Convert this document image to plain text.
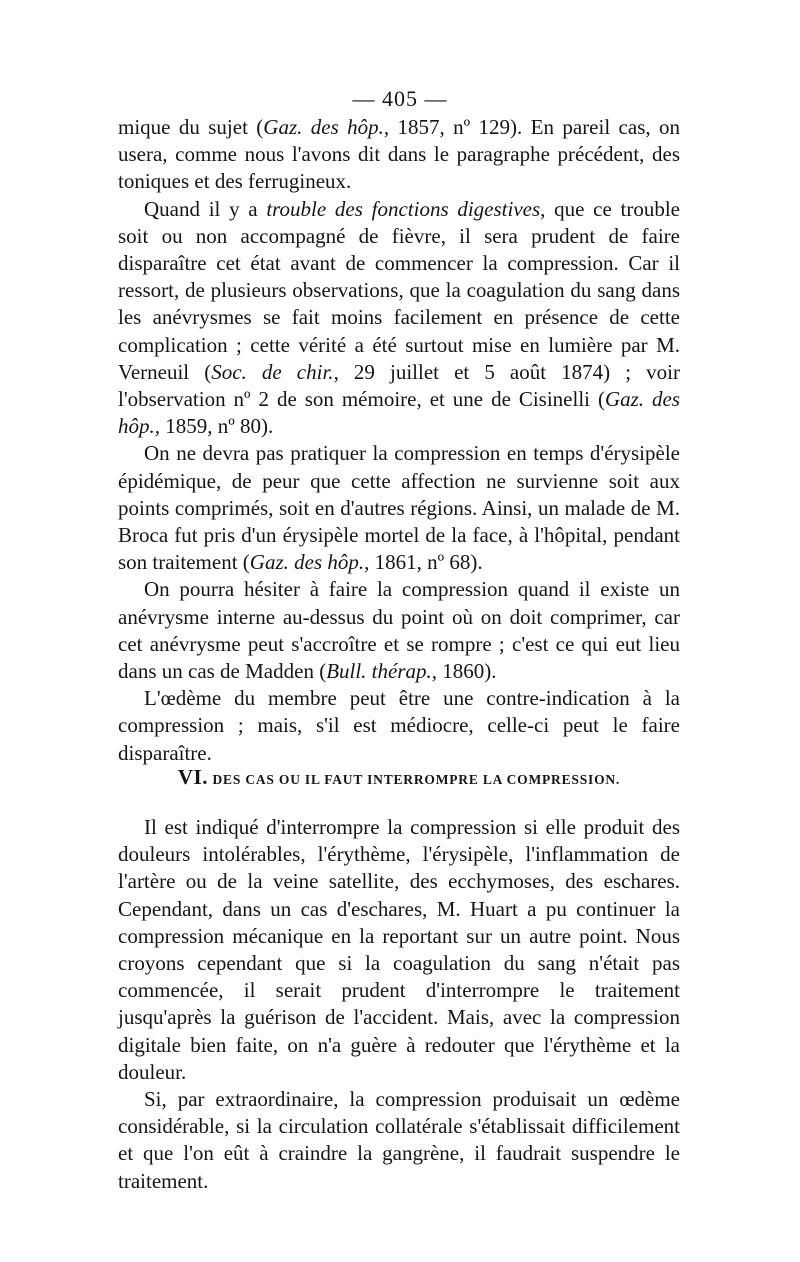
— 405 —

mique du sujet (Gaz. des hôp., 1857, nº 129). En pareil cas, on usera, comme nous l'avons dit dans le paragraphe précédent, des toniques et des ferrugineux.

Quand il y a trouble des fonctions digestives, que ce trouble soit ou non accompagné de fièvre, il sera prudent de faire disparaître cet état avant de commencer la compression. Car il ressort, de plusieurs observations, que la coagulation du sang dans les anévrysmes se fait moins facilement en présence de cette complication ; cette vérité a été surtout mise en lumière par M. Verneuil (Soc. de chir., 29 juillet et 5 août 1874) ; voir l'observation nº 2 de son mémoire, et une de Cisinelli (Gaz. des hôp., 1859, nº 80).

On ne devra pas pratiquer la compression en temps d'érysipèle épidémique, de peur que cette affection ne survienne soit aux points comprimés, soit en d'autres régions. Ainsi, un malade de M. Broca fut pris d'un érysipèle mortel de la face, à l'hôpital, pendant son traitement (Gaz. des hôp., 1861, nº 68).

On pourra hésiter à faire la compression quand il existe un anévrysme interne au-dessus du point où on doit comprimer, car cet anévrysme peut s'accroître et se rompre ; c'est ce qui eut lieu dans un cas de Madden (Bull. thérap., 1860).

L'œdème du membre peut être une contre-indication à la compression ; mais, s'il est médiocre, celle-ci peut le faire disparaître.

VI. DES CAS OU IL FAUT INTERROMPRE LA COMPRESSION.

Il est indiqué d'interrompre la compression si elle produit des douleurs intolérables, l'érythème, l'érysipèle, l'inflammation de l'artère ou de la veine satellite, des ecchymoses, des eschares. Cependant, dans un cas d'eschares, M. Huart a pu continuer la compression mécanique en la reportant sur un autre point. Nous croyons cependant que si la coagulation du sang n'était pas commencée, il serait prudent d'interrompre le traitement jusqu'après la guérison de l'accident. Mais, avec la compression digitale bien faite, on n'a guère à redouter que l'érythème et la douleur.

Si, par extraordinaire, la compression produisait un œdème considérable, si la circulation collatérale s'établissait difficilement et que l'on eût à craindre la gangrène, il faudrait suspendre le traitement.
